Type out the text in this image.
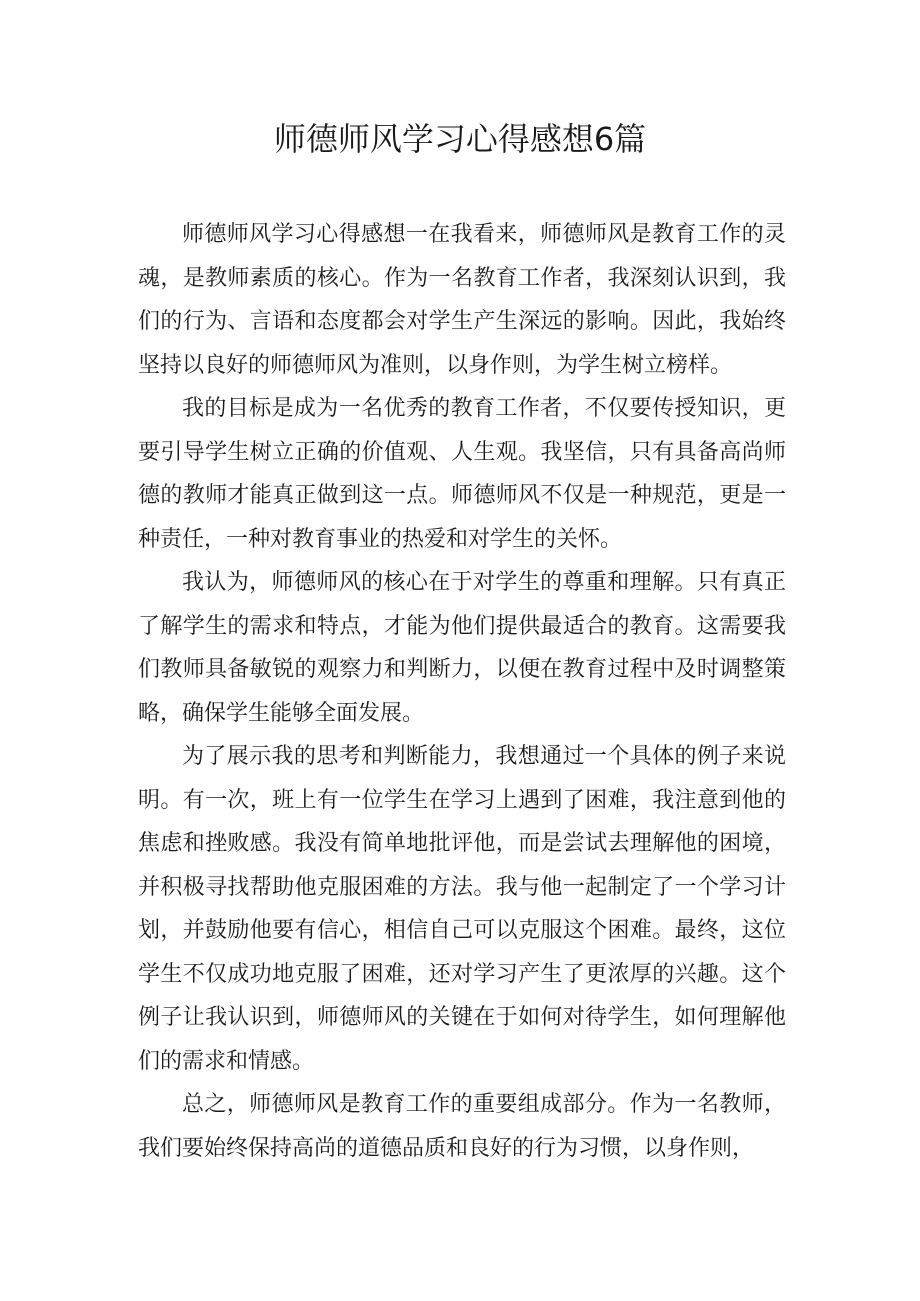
师德师风学习心得感想6篇

师德师风学习心得感想一在我看来，师德师风是教育工作的灵魂，是教师素质的核心。作为一名教育工作者，我深刻认识到，我们的行为、言语和态度都会对学生产生深远的影响。因此，我始终坚持以良好的师德师风为准则，以身作则，为学生树立榜样。

我的目标是成为一名优秀的教育工作者，不仅要传授知识，更要引导学生树立正确的价值观、人生观。我坚信，只有具备高尚师德的教师才能真正做到这一点。师德师风不仅是一种规范，更是一种责任，一种对教育事业的热爱和对学生的关怀。

我认为，师德师风的核心在于对学生的尊重和理解。只有真正了解学生的需求和特点，才能为他们提供最适合的教育。这需要我们教师具备敏锐的观察力和判断力，以便在教育过程中及时调整策略，确保学生能够全面发展。

为了展示我的思考和判断能力，我想通过一个具体的例子来说明。有一次，班上有一位学生在学习上遇到了困难，我注意到他的焦虑和挫败感。我没有简单地批评他，而是尝试去理解他的困境，并积极寻找帮助他克服困难的方法。我与他一起制定了一个学习计划，并鼓励他要有信心，相信自己可以克服这个困难。最终，这位学生不仅成功地克服了困难，还对学习产生了更浓厚的兴趣。这个例子让我认识到，师德师风的关键在于如何对待学生，如何理解他们的需求和情感。

总之，师德师风是教育工作的重要组成部分。作为一名教师，我们要始终保持高尚的道德品质和良好的行为习惯，以身作则，
